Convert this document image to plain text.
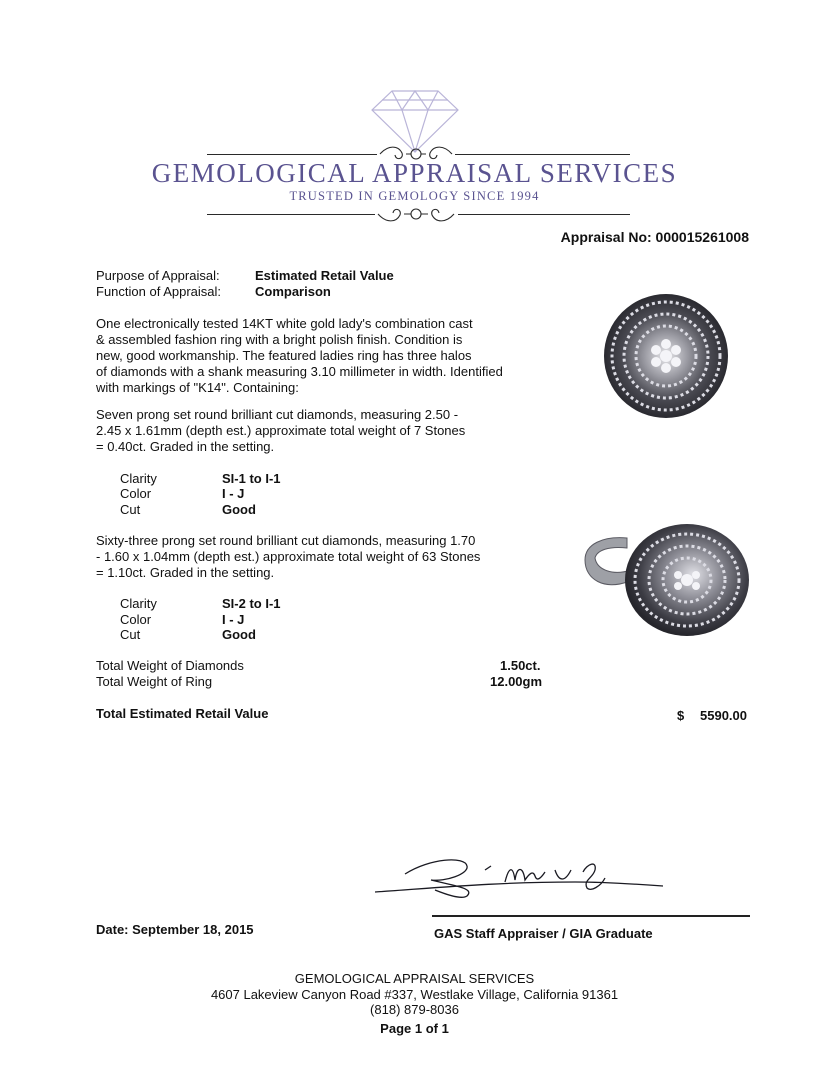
GEMOLOGICAL APPRAISAL SERVICES
TRUSTED IN GEMOLOGY SINCE 1994
Appraisal No: 000015261008
Purpose of Appraisal:	Estimated Retail Value
Function of Appraisal:	Comparison
One electronically tested 14KT white gold lady's combination cast
& assembled fashion ring with a bright polish finish. Condition is
new, good workmanship. The featured ladies ring has three halos
of diamonds with a shank measuring 3.10 millimeter in width. Identified
with markings of "K14". Containing:
Seven prong set round brilliant cut diamonds, measuring 2.50 -
2.45 x 1.61mm (depth est.) approximate total weight of 7 Stones
= 0.40ct. Graded in the setting.
Clarity	SI-1 to I-1
Color	I - J
Cut	Good
Sixty-three prong set round brilliant cut diamonds, measuring 1.70
- 1.60 x 1.04mm (depth est.) approximate total weight of 63 Stones
= 1.10ct. Graded in the setting.
Clarity	SI-2 to I-1
Color	I - J
Cut	Good
Total Weight of Diamonds	1.50ct.
Total Weight of Ring	12.00gm
Total Estimated Retail Value	$ 5590.00
Date: September 18, 2015	GAS Staff Appraiser / GIA Graduate
GEMOLOGICAL APPRAISAL SERVICES
4607 Lakeview Canyon Road #337, Westlake Village, California 91361
(818) 879-8036
Page 1 of 1
